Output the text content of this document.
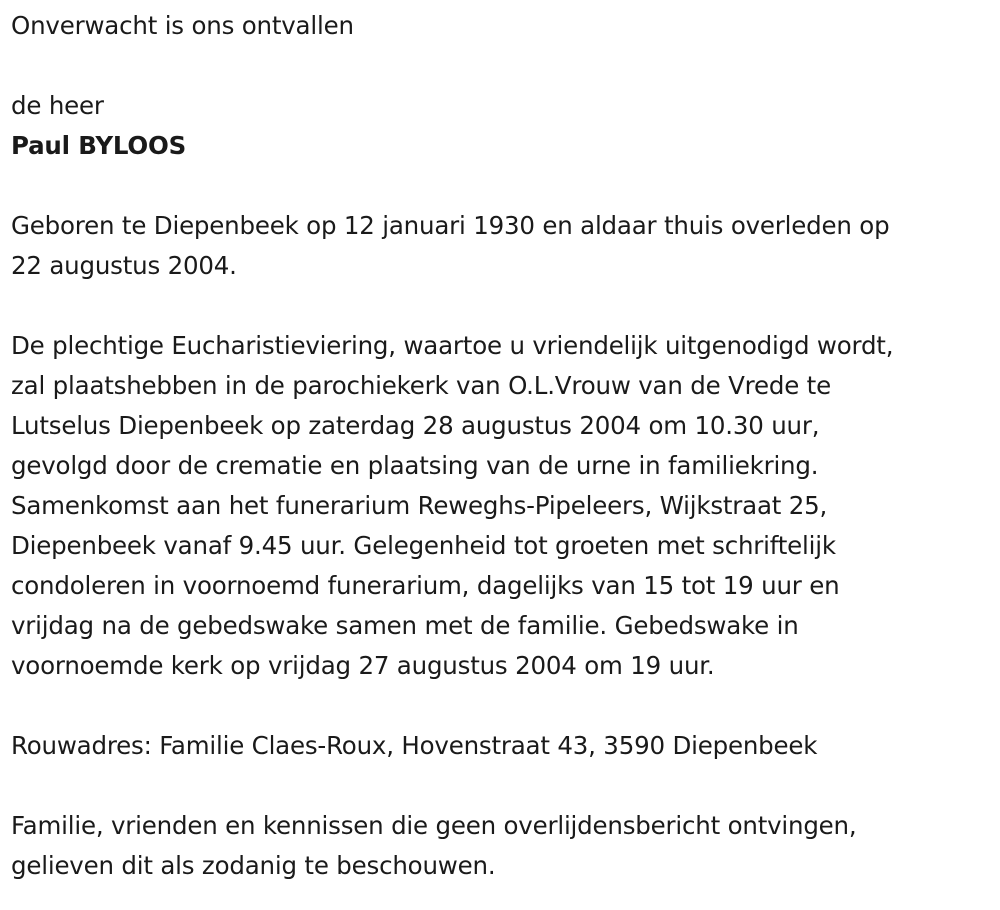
Onverwacht is ons ontvallen
de heer
Paul BYLOOS
Geboren te Diepenbeek op 12 januari 1930 en aldaar thuis overleden op
22 augustus 2004.
De plechtige Eucharistieviering, waartoe u vriendelijk uitgenodigd wordt,
zal plaatshebben in de parochiekerk van O.L.Vrouw van de Vrede te
Lutselus Diepenbeek op zaterdag 28 augustus 2004 om 10.30 uur,
gevolgd door de crematie en plaatsing van de urne in familiekring.
Samenkomst aan het funerarium Reweghs-Pipeleers, Wijkstraat 25,
Diepenbeek vanaf 9.45 uur. Gelegenheid tot groeten met schriftelijk
condoleren in voornoemd funerarium, dagelijks van 15 tot 19 uur en
vrijdag na de gebedswake samen met de familie. Gebedswake in
voornoemde kerk op vrijdag 27 augustus 2004 om 19 uur.
Rouwadres: Familie Claes-Roux, Hovenstraat 43, 3590 Diepenbeek
Familie, vrienden en kennissen die geen overlijdensbericht ontvingen,
gelieven dit als zodanig te beschouwen.
